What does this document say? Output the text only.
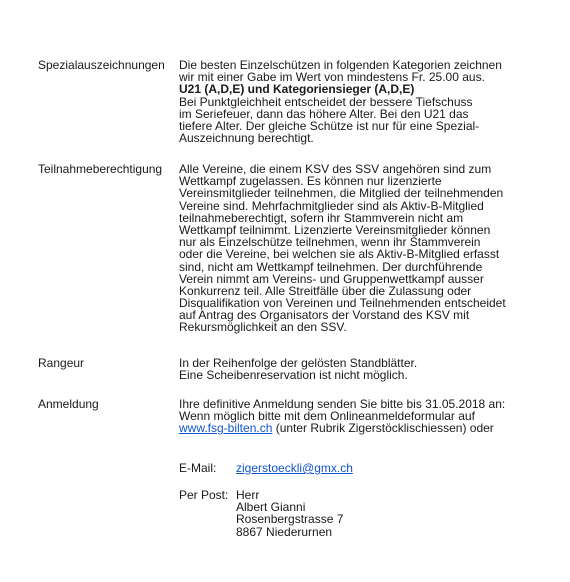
Spezialauszeichnungen Die besten Einzelschützen in folgenden Kategorien zeichnen
wir mit einer Gabe im Wert von mindestens Fr. 25.00 aus.
U21 (A,D,E) und Kategoriensieger (A,D,E)
Bei Punktgleichheit entscheidet der bessere Tiefschuss
im Seriefeuer, dann das höhere Alter. Bei den U21 das
tiefere Alter. Der gleiche Schütze ist nur für eine Spezial-
Auszeichnung berechtigt.
Teilnahmeberechtigung Alle Vereine, die einem KSV des SSV angehören sind zum
Wettkampf zugelassen. Es können nur lizenzierte
Vereinsmitglieder teilnehmen, die Mitglied der teilnehmenden
Vereine sind. Mehrfachmitglieder sind als Aktiv-B-Mitglied
teilnahmeberechtigt, sofern ihr Stammverein nicht am
Wettkampf teilnimmt. Lizenzierte Vereinsmitglieder können
nur als Einzelschütze teilnehmen, wenn ihr Stammverein
oder die Vereine, bei welchen sie als Aktiv-B-Mitglied erfasst
sind, nicht am Wettkampf teilnehmen. Der durchführende
Verein nimmt am Vereins- und Gruppenwettkampf ausser
Konkurrenz teil. Alle Streitfälle über die Zulassung oder
Disqualifikation von Vereinen und Teilnehmenden entscheidet
auf Antrag des Organisators der Vorstand des KSV mit
Rekursmöglichkeit an den SSV.
Rangeur	In der Reihenfolge der gelösten Standblätter.
Eine Scheibenreservation ist nicht möglich.
Anmeldung	Ihre definitive Anmeldung senden Sie bitte bis 31.05.2018 an:
Wenn möglich bitte mit dem Onlineanmeldeformular auf
www.fsg-bilten.ch (unter Rubrik Zigerstöcklischiessen) oder
E-Mail: zigerstoeckli@gmx.ch
Per Post: Herr
Albert Gianni
Rosenbergstrasse 7
8867 Niederurnen
